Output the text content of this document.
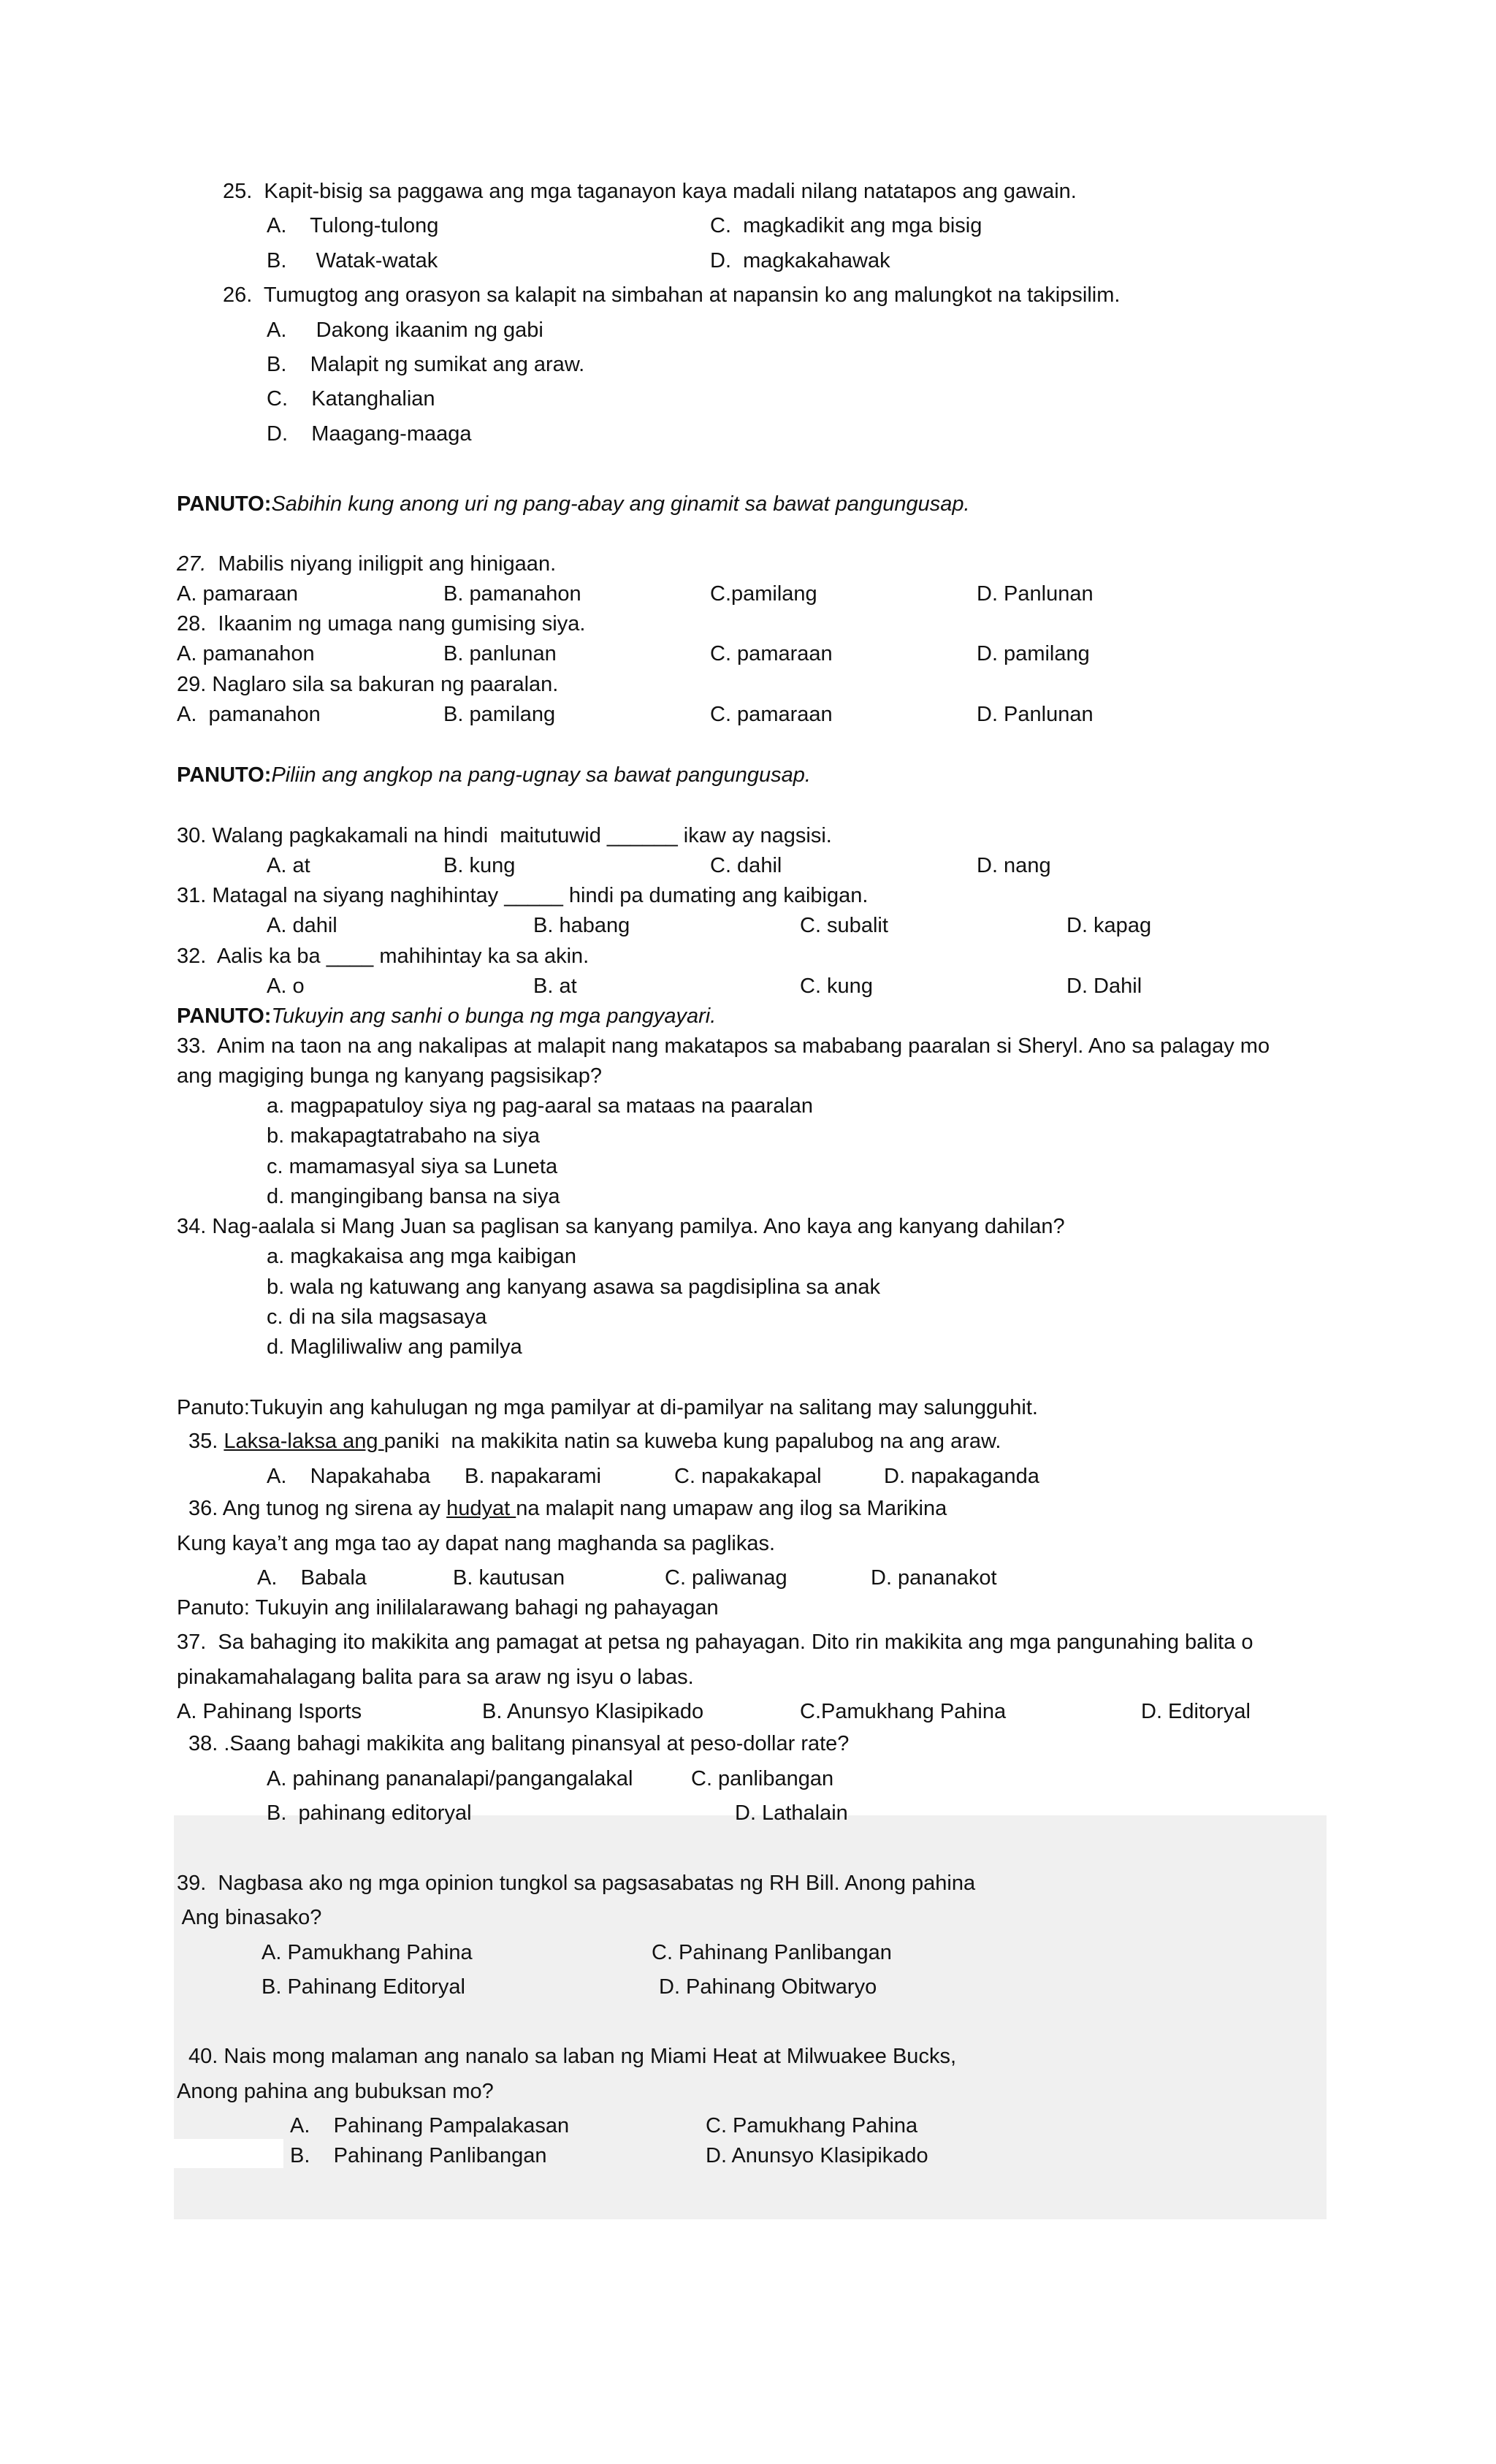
25.  Kapit-bisig sa paggawa ang mga taganayon kaya madali nilang natatapos ang gawain.
A.    Tulong-tulong	C.  magkadikit ang mga bisig
B.     Watak-watak	D.  magkakahawak
26.  Tumugtog ang orasyon sa kalapit na simbahan at napansin ko ang malungkot na takipsilim.
A.     Dakong ikaanim ng gabi
B.    Malapit ng sumikat ang araw.
C.    Katanghalian
D.    Maagang-maaga
PANUTO:Sabihin kung anong uri ng pang-abay ang ginamit sa bawat pangungusap.
27.  Mabilis niyang iniligpit ang hinigaan.
A. pamaraan	B. pamanahon	C.pamilang	D. Panlunan
28.  Ikaanim ng umaga nang gumising siya.
A. pamanahon	B. panlunan	C. pamaraan	D. pamilang
29. Naglaro sila sa bakuran ng paaralan.
A.  pamanahon	B. pamilang	C. pamaraan	D. Panlunan
PANUTO:Piliin ang angkop na pang-ugnay sa bawat pangungusap.
30. Walang pagkakamali na hindi  maitutuwid ______ ikaw ay nagsisi.
A. at	B. kung	C. dahil	D. nang
31. Matagal na siyang naghihintay _____ hindi pa dumating ang kaibigan.
A. dahil	B. habang	C. subalit	D. kapag
32.  Aalis ka ba ____ mahihintay ka sa akin.
A. o	B. at	C. kung	D. Dahil
PANUTO:Tukuyin ang sanhi o bunga ng mga pangyayari.
33.  Anim na taon na ang nakalipas at malapit nang makatapos sa mababang paaralan si Sheryl. Ano sa palagay mo
ang magiging bunga ng kanyang pagsisikap?
a. magpapatuloy siya ng pag-aaral sa mataas na paaralan
b. makapagtatrabaho na siya
c. mamamasyal siya sa Luneta
d. mangingibang bansa na siya
34. Nag-aalala si Mang Juan sa paglisan sa kanyang pamilya. Ano kaya ang kanyang dahilan?
a. magkakaisa ang mga kaibigan
b. wala ng katuwang ang kanyang asawa sa pagdisiplina sa anak
c. di na sila magsasaya
d. Magliliwaliw ang pamilya
Panuto:Tukuyin ang kahulugan ng mga pamilyar at di-pamilyar na salitang may salungguhit.
35. Laksa-laksa ang paniki  na makikita natin sa kuweba kung papalubog na ang araw.
A.    Napakahaba B. napakarami	C. napakakapal	D. napakaganda
36. Ang tunog ng sirena ay hudyat na malapit nang umapaw ang ilog sa Marikina
Kung kaya’t ang mga tao ay dapat nang maghanda sa paglikas.
A.    Babala	B. kautusan	C. paliwanag	D. pananakot
Panuto: Tukuyin ang inililalarawang bahagi ng pahayagan
37.  Sa bahaging ito makikita ang pamagat at petsa ng pahayagan. Dito rin makikita ang mga pangunahing balita o
pinakamahalagang balita para sa araw ng isyu o labas.
A. Pahinang Isports	B. Anunsyo Klasipikado	C.Pamukhang Pahina	D. Editoryal
38. .Saang bahagi makikita ang balitang pinansyal at peso-dollar rate?
A. pahinang pananalapi/pangangalakal	C. panlibangan
B.  pahinang editoryal	D. Lathalain
39.  Nagbasa ako ng mga opinion tungkol sa pagsasabatas ng RH Bill. Anong pahina
Ang binasako?
A. Pamukhang Pahina	C. Pahinang Panlibangan
B. Pahinang Editoryal	D. Pahinang Obitwaryo
40. Nais mong malaman ang nanalo sa laban ng Miami Heat at Milwuakee Bucks,
Anong pahina ang bubuksan mo?
A.    Pahinang Pampalakasan	C. Pamukhang Pahina
B.    Pahinang Panlibangan	D. Anunsyo Klasipikado
